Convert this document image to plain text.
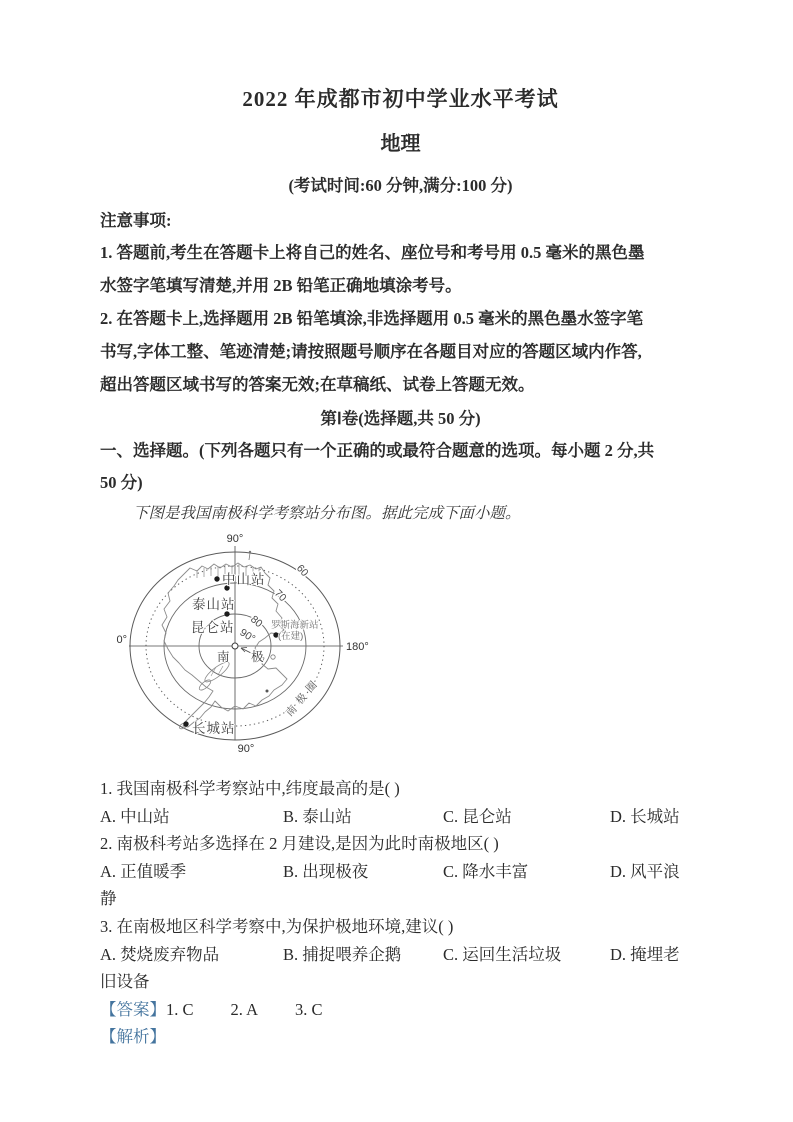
2022 年成都市初中学业水平考试
地理
(考试时间:60 分钟,满分:100 分)
注意事项:
1. 答题前,考生在答题卡上将自己的姓名、座位号和考号用 0.5 毫米的黑色墨
水签字笔填写清楚,并用 2B 铅笔正确地填涂考号。
2. 在答题卡上,选择题用 2B 铅笔填涂,非选择题用 0.5 毫米的黑色墨水签字笔
书写,字体工整、笔迹清楚;请按照题号顺序在各题目对应的答题区域内作答,
超出答题区域书写的答案无效;在草稿纸、试卷上答题无效。
第Ⅰ卷(选择题,共 50 分)
一、选择题。(下列各题只有一个正确的或最符合题意的选项。每小题 2 分,共
50 分)
下图是我国南极科学考察站分布图。据此完成下面小题。
中山站
泰山站
昆仑站	罗斯海新站
(在建)
长城站
南 极
60
70
80
90°
南
极
圈
90°
90°
0°
180°
1. 我国南极科学考察站中,纬度最高的是( )
A. 中山站	B. 泰山站	C. 昆仑站	D. 长城站
2. 南极科考站多选择在 2 月建设,是因为此时南极地区( )
A. 正值暖季	B. 出现极夜	C. 降水丰富	D. 风平浪
静
3. 在南极地区科学考察中,为保护极地环境,建议( )
A. 焚烧废弃物品	B. 捕捉喂养企鹅	C. 运回生活垃圾	D. 掩埋老
旧设备
【答案】1. C 2. A 3. C
【解析】
